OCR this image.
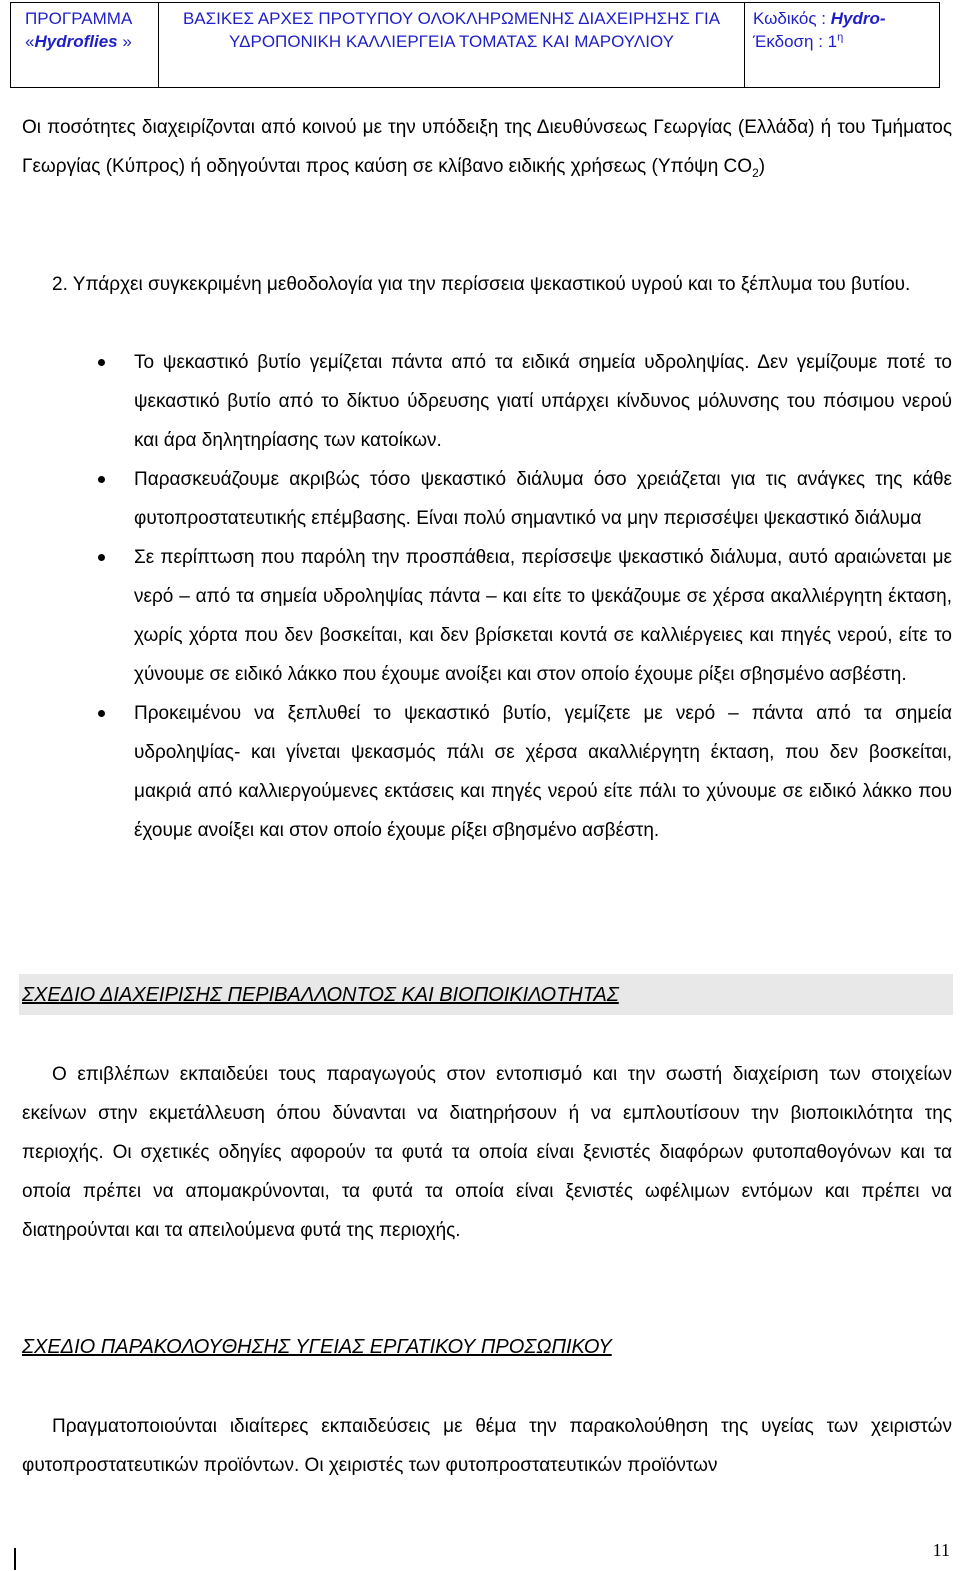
ΠΡΟΓΡΑΜΜΑ
«Hydroflies »
ΒΑΣΙΚΕΣ ΑΡΧΕΣ ΠΡΟΤΥΠΟΥ ΟΛΟΚΛΗΡΩΜΕΝΗΣ ΔΙΑΧΕΙΡΗΣΗΣ ΓΙΑ
ΥΔΡΟΠΟΝΙΚΗ ΚΑΛΛΙΕΡΓΕΙΑ ΤΟΜΑΤΑΣ ΚΑΙ ΜΑΡΟΥΛΙΟΥ
Κωδικός : Hydro-
Έκδοση : $1^\eta$

Οι ποσότητες διαχειρίζονται από κοινού με την υπόδειξη της Διευθύνσεως Γεωργίας (Ελλάδα) ή του Τμήματος Γεωργίας (Κύπρος) ή οδηγούνται προς καύση σε κλίβανο ειδικής χρήσεως (Υπόψη $CO_2$)

2. Υπάρχει συγκεκριμένη μεθοδολογία για την περίσσεια ψεκαστικού υγρού και το ξέπλυμα του βυτίου.

Το ψεκαστικό βυτίο γεμίζεται πάντα από τα ειδικά σημεία υδροληψίας. Δεν γεμίζουμε ποτέ το ψεκαστικό βυτίο από το δίκτυο ύδρευσης γιατί υπάρχει κίνδυνος μόλυνσης του πόσιμου νερού και άρα δηλητηρίασης των κατοίκων.
Παρασκευάζουμε ακριβώς τόσο ψεκαστικό διάλυμα όσο χρειάζεται για τις ανάγκες της κάθε φυτοπροστατευτικής επέμβασης. Είναι πολύ σημαντικό να μην περισσέψει ψεκαστικό διάλυμα
Σε περίπτωση που παρόλη την προσπάθεια, περίσσεψε ψεκαστικό διάλυμα, αυτό αραιώνεται με νερό – από τα σημεία υδροληψίας πάντα – και είτε το ψεκάζουμε σε χέρσα ακαλλιέργητη έκταση, χωρίς χόρτα που δεν βοσκείται, και δεν βρίσκεται κοντά σε καλλιέργειες και πηγές νερού, είτε το χύνουμε σε ειδικό λάκκο που έχουμε ανοίξει και στον οποίο έχουμε ρίξει σβησμένο ασβέστη.
Προκειμένου να ξεπλυθεί το ψεκαστικό βυτίο, γεμίζετε με νερό – πάντα από τα σημεία υδροληψίας- και γίνεται ψεκασμός πάλι σε χέρσα ακαλλιέργητη έκταση, που δεν βοσκείται, μακριά από καλλιεργούμενες εκτάσεις και πηγές νερού είτε πάλι το χύνουμε σε ειδικό λάκκο που έχουμε ανοίξει και στον οποίο έχουμε ρίξει σβησμένο ασβέστη.
ΣΧΕΔΙΟ ΔΙΑΧΕΙΡΙΣΗΣ ΠΕΡΙΒΑΛΛΟΝΤΟΣ ΚΑΙ ΒΙΟΠΟΙΚΙΛΟΤΗΤΑΣ

Ο επιβλέπων εκπαιδεύει τους παραγωγούς στον εντοπισμό και την σωστή διαχείριση των στοιχείων εκείνων στην εκμετάλλευση όπου δύνανται να διατηρήσουν ή να εμπλουτίσουν την βιοποικιλότητα της περιοχής. Οι σχετικές οδηγίες αφορούν τα φυτά τα οποία είναι ξενιστές διαφόρων φυτοπαθογόνων και τα οποία πρέπει να απομακρύνονται, τα φυτά τα οποία είναι ξενιστές ωφέλιμων εντόμων και πρέπει να διατηρούνται και τα απειλούμενα φυτά της περιοχής.

ΣΧΕΔΙΟ ΠΑΡΑΚΟΛΟΥΘΗΣΗΣ ΥΓΕΙΑΣ ΕΡΓΑΤΙΚΟΥ ΠΡΟΣΩΠΙΚΟΥ

Πραγματοποιούνται ιδιαίτερες εκπαιδεύσεις με θέμα την παρακολούθηση της υγείας των χειριστών φυτοπροστατευτικών προϊόντων. Οι χειριστές των φυτοπροστατευτικών προϊόντων

11
